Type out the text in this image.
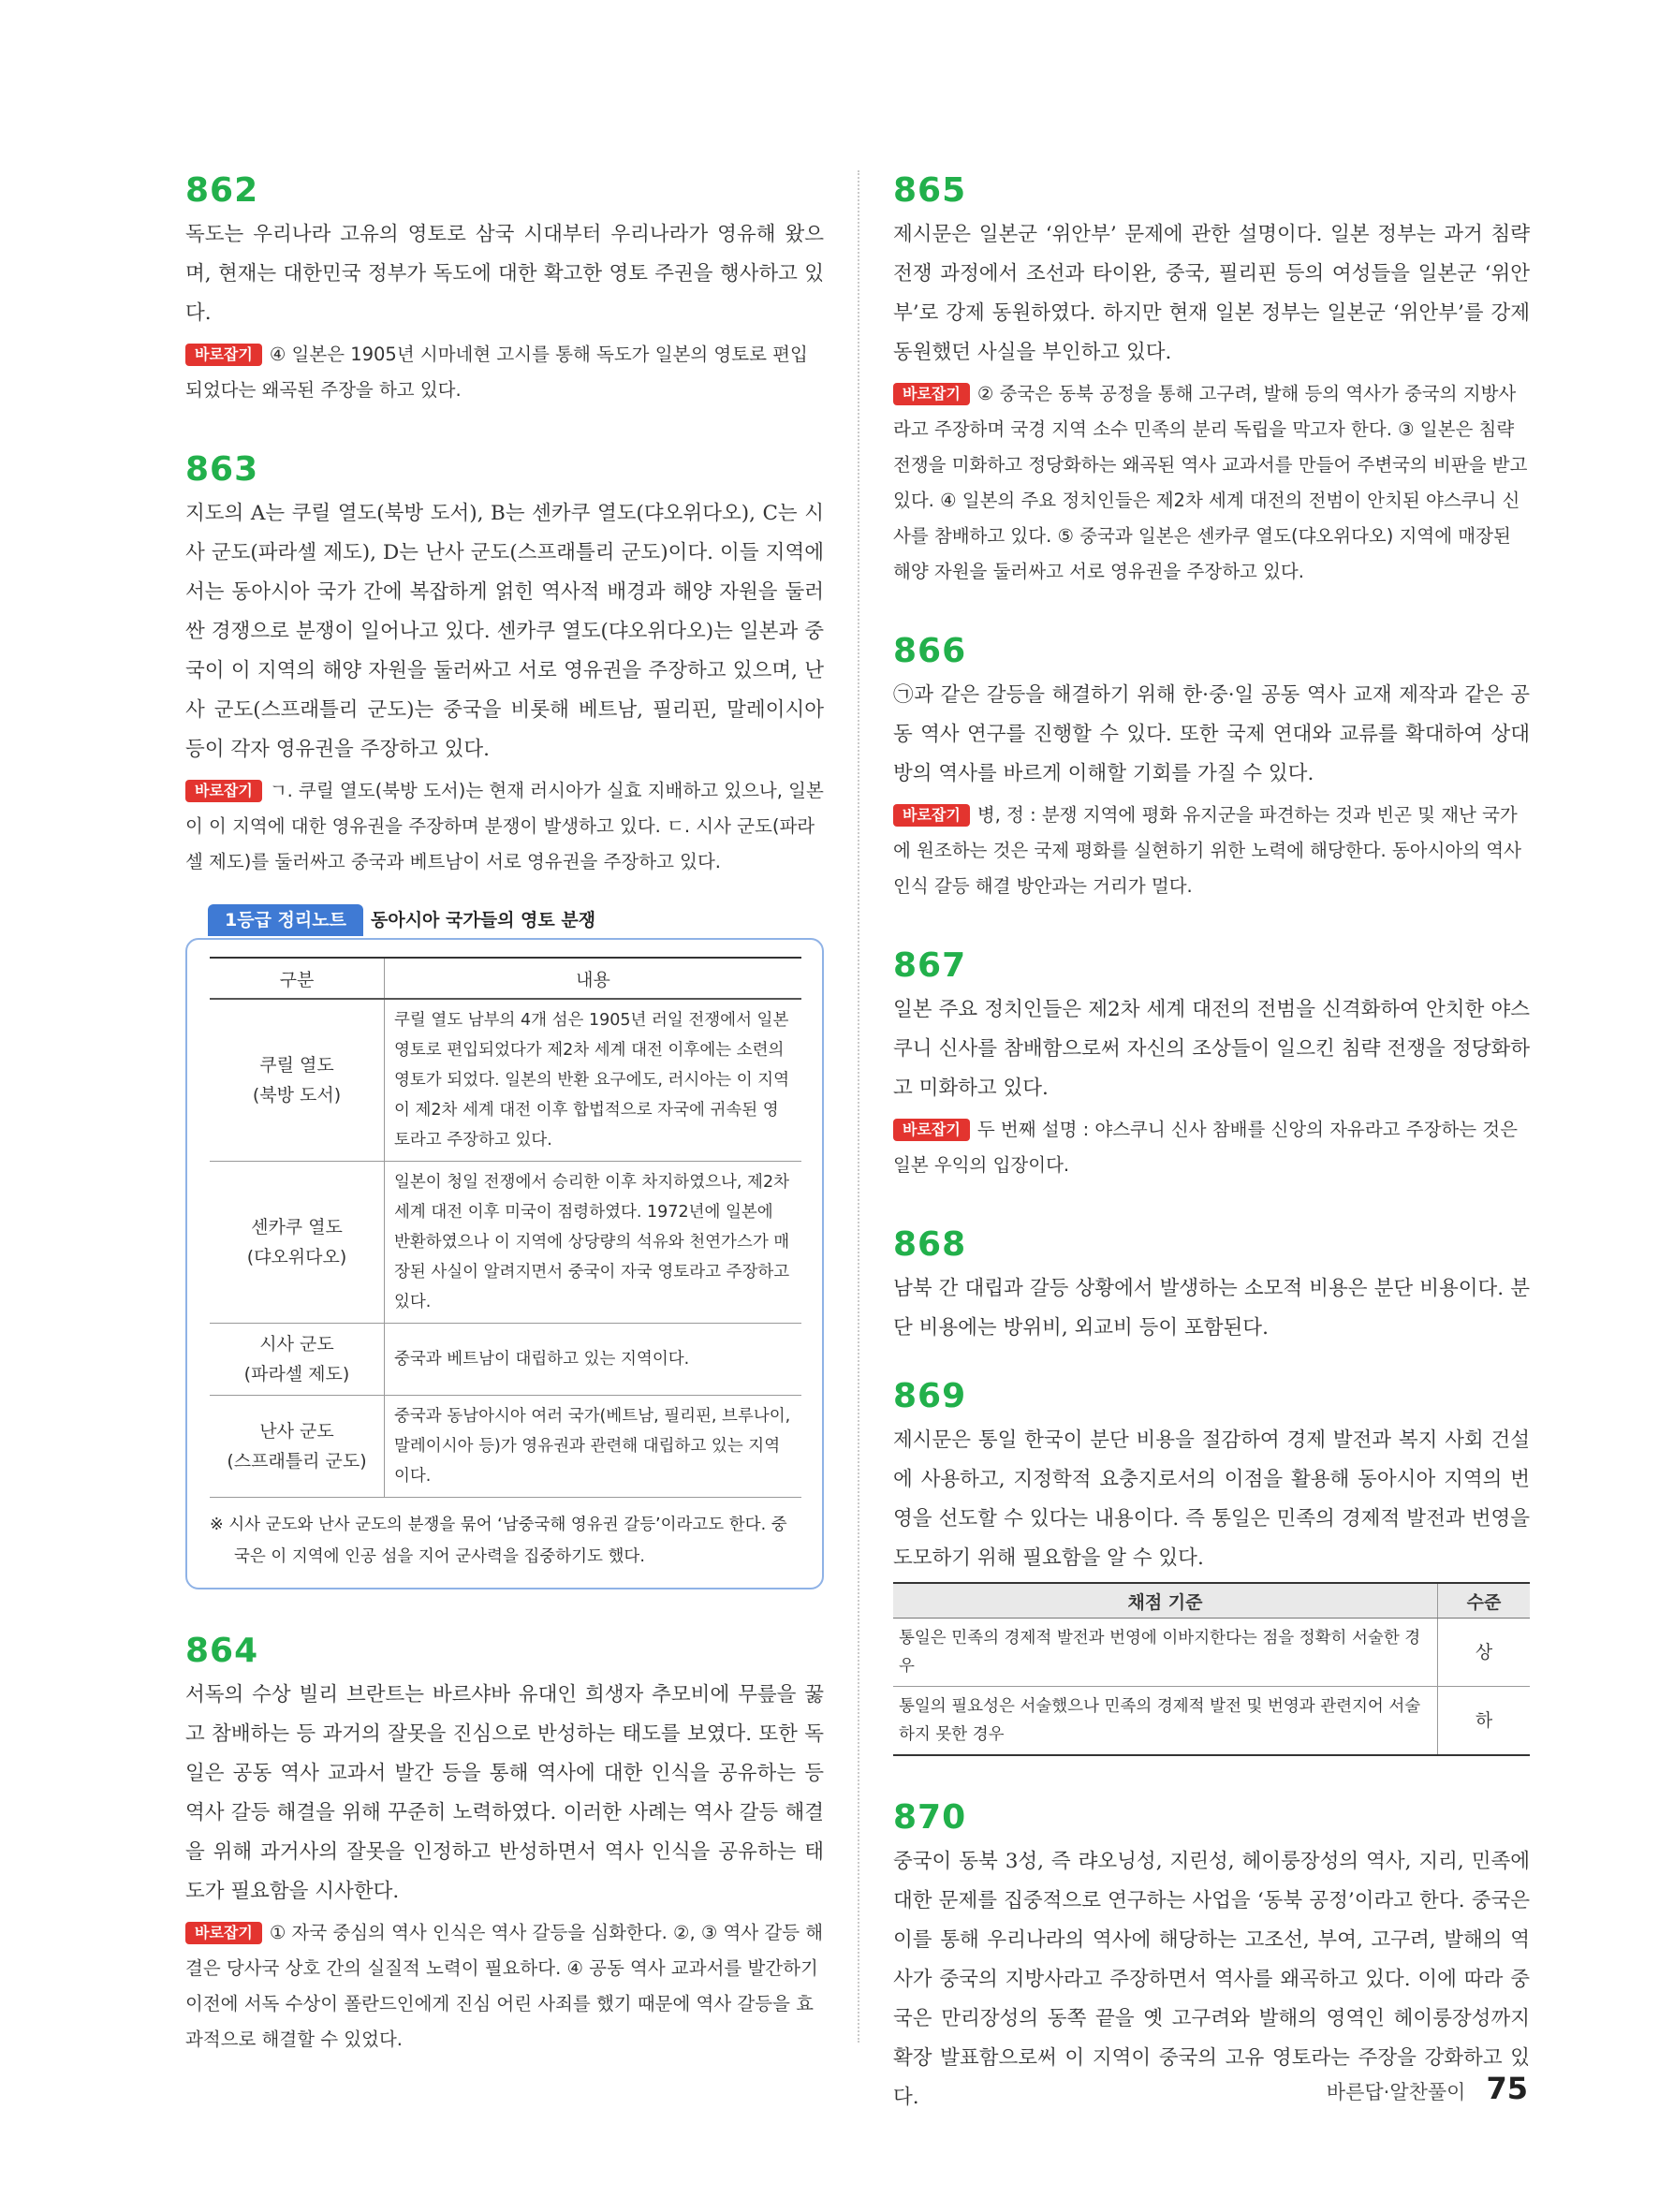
862

독도는 우리나라 고유의 영토로 삼국 시대부터 우리나라가 영유해 왔으며, 현재는 대한민국 정부가 독도에 대한 확고한 영토 주권을 행사하고 있다.

바로잡기 ④ 일본은 1905년 시마네현 고시를 통해 독도가 일본의 영토로 편입되었다는 왜곡된 주장을 하고 있다.

863

지도의 A는 쿠릴 열도(북방 도서), B는 센카쿠 열도(댜오위다오), C는 시사 군도(파라셀 제도), D는 난사 군도(스프래틀리 군도)이다. 이들 지역에서는 동아시아 국가 간에 복잡하게 얽힌 역사적 배경과 해양 자원을 둘러싼 경쟁으로 분쟁이 일어나고 있다. 센카쿠 열도(댜오위다오)는 일본과 중국이 이 지역의 해양 자원을 둘러싸고 서로 영유권을 주장하고 있으며, 난사 군도(스프래틀리 군도)는 중국을 비롯해 베트남, 필리핀, 말레이시아 등이 각자 영유권을 주장하고 있다.

바로잡기 ㄱ. 쿠릴 열도(북방 도서)는 현재 러시아가 실효 지배하고 있으나, 일본이 이 지역에 대한 영유권을 주장하며 분쟁이 발생하고 있다. ㄷ. 시사 군도(파라셀 제도)를 둘러싸고 중국과 베트남이 서로 영유권을 주장하고 있다.

1등급 정리노트	동아시아 국가들의 영토 분쟁
구분	내용

쿠릴 열도
(북방 도서)	쿠릴 열도 남부의 4개 섬은 1905년 러일 전쟁에서 일본 영토로 편입되었다가 제2차 세계 대전 이후에는 소련의 영토가 되었다. 일본의 반환 요구에도, 러시아는 이 지역이 제2차 세계 대전 이후 합법적으로 자국에 귀속된 영토라고 주장하고 있다.

센카쿠 열도
(댜오위다오)	일본이 청일 전쟁에서 승리한 이후 차지하였으나, 제2차 세계 대전 이후 미국이 점령하였다. 1972년에 일본에 반환하였으나 이 지역에 상당량의 석유와 천연가스가 매장된 사실이 알려지면서 중국이 자국 영토라고 주장하고 있다.

시사 군도
(파라셀 제도)	중국과 베트남이 대립하고 있는 지역이다.

난사 군도
(스프래틀리 군도)	중국과 동남아시아 여러 국가(베트남, 필리핀, 브루나이, 말레이시아 등)가 영유권과 관련해 대립하고 있는 지역이다.
※ 시사 군도와 난사 군도의 분쟁을 묶어 ‘남중국해 영유권 갈등’이라고도 한다. 중국은 이 지역에 인공 섬을 지어 군사력을 집중하기도 했다.
864

서독의 수상 빌리 브란트는 바르샤바 유대인 희생자 추모비에 무릎을 꿇고 참배하는 등 과거의 잘못을 진심으로 반성하는 태도를 보였다. 또한 독일은 공동 역사 교과서 발간 등을 통해 역사에 대한 인식을 공유하는 등 역사 갈등 해결을 위해 꾸준히 노력하였다. 이러한 사례는 역사 갈등 해결을 위해 과거사의 잘못을 인정하고 반성하면서 역사 인식을 공유하는 태도가 필요함을 시사한다.

바로잡기 ① 자국 중심의 역사 인식은 역사 갈등을 심화한다. ②, ③ 역사 갈등 해결은 당사국 상호 간의 실질적 노력이 필요하다. ④ 공동 역사 교과서를 발간하기 이전에 서독 수상이 폴란드인에게 진심 어린 사죄를 했기 때문에 역사 갈등을 효과적으로 해결할 수 있었다.

865

제시문은 일본군 ‘위안부’ 문제에 관한 설명이다. 일본 정부는 과거 침략 전쟁 과정에서 조선과 타이완, 중국, 필리핀 등의 여성들을 일본군 ‘위안부’로 강제 동원하였다. 하지만 현재 일본 정부는 일본군 ‘위안부’를 강제 동원했던 사실을 부인하고 있다.

바로잡기 ② 중국은 동북 공정을 통해 고구려, 발해 등의 역사가 중국의 지방사라고 주장하며 국경 지역 소수 민족의 분리 독립을 막고자 한다. ③ 일본은 침략 전쟁을 미화하고 정당화하는 왜곡된 역사 교과서를 만들어 주변국의 비판을 받고 있다. ④ 일본의 주요 정치인들은 제2차 세계 대전의 전범이 안치된 야스쿠니 신사를 참배하고 있다. ⑤ 중국과 일본은 센카쿠 열도(댜오위다오) 지역에 매장된 해양 자원을 둘러싸고 서로 영유권을 주장하고 있다.

866

㉠과 같은 갈등을 해결하기 위해 한·중·일 공동 역사 교재 제작과 같은 공동 역사 연구를 진행할 수 있다. 또한 국제 연대와 교류를 확대하여 상대방의 역사를 바르게 이해할 기회를 가질 수 있다.

바로잡기 병, 정 : 분쟁 지역에 평화 유지군을 파견하는 것과 빈곤 및 재난 국가에 원조하는 것은 국제 평화를 실현하기 위한 노력에 해당한다. 동아시아의 역사 인식 갈등 해결 방안과는 거리가 멀다.

867

일본 주요 정치인들은 제2차 세계 대전의 전범을 신격화하여 안치한 야스쿠니 신사를 참배함으로써 자신의 조상들이 일으킨 침략 전쟁을 정당화하고 미화하고 있다.

바로잡기 두 번째 설명 : 야스쿠니 신사 참배를 신앙의 자유라고 주장하는 것은 일본 우익의 입장이다.

868

남북 간 대립과 갈등 상황에서 발생하는 소모적 비용은 분단 비용이다. 분단 비용에는 방위비, 외교비 등이 포함된다.

869

제시문은 통일 한국이 분단 비용을 절감하여 경제 발전과 복지 사회 건설에 사용하고, 지정학적 요충지로서의 이점을 활용해 동아시아 지역의 번영을 선도할 수 있다는 내용이다. 즉 통일은 민족의 경제적 발전과 번영을 도모하기 위해 필요함을 알 수 있다.

채점 기준	수준
통일은 민족의 경제적 발전과 번영에 이바지한다는 점을 정확히 서술한 경우	상
통일의 필요성은 서술했으나 민족의 경제적 발전 및 번영과 관련지어 서술하지 못한 경우	하
870

중국이 동북 3성, 즉 랴오닝성, 지린성, 헤이룽장성의 역사, 지리, 민족에 대한 문제를 집중적으로 연구하는 사업을 ‘동북 공정’이라고 한다. 중국은 이를 통해 우리나라의 역사에 해당하는 고조선, 부여, 고구려, 발해의 역사가 중국의 지방사라고 주장하면서 역사를 왜곡하고 있다. 이에 따라 중국은 만리장성의 동쪽 끝을 옛 고구려와 발해의 영역인 헤이룽장성까지 확장 발표함으로써 이 지역이 중국의 고유 영토라는 주장을 강화하고 있다.	바른답·알찬풀이 75
